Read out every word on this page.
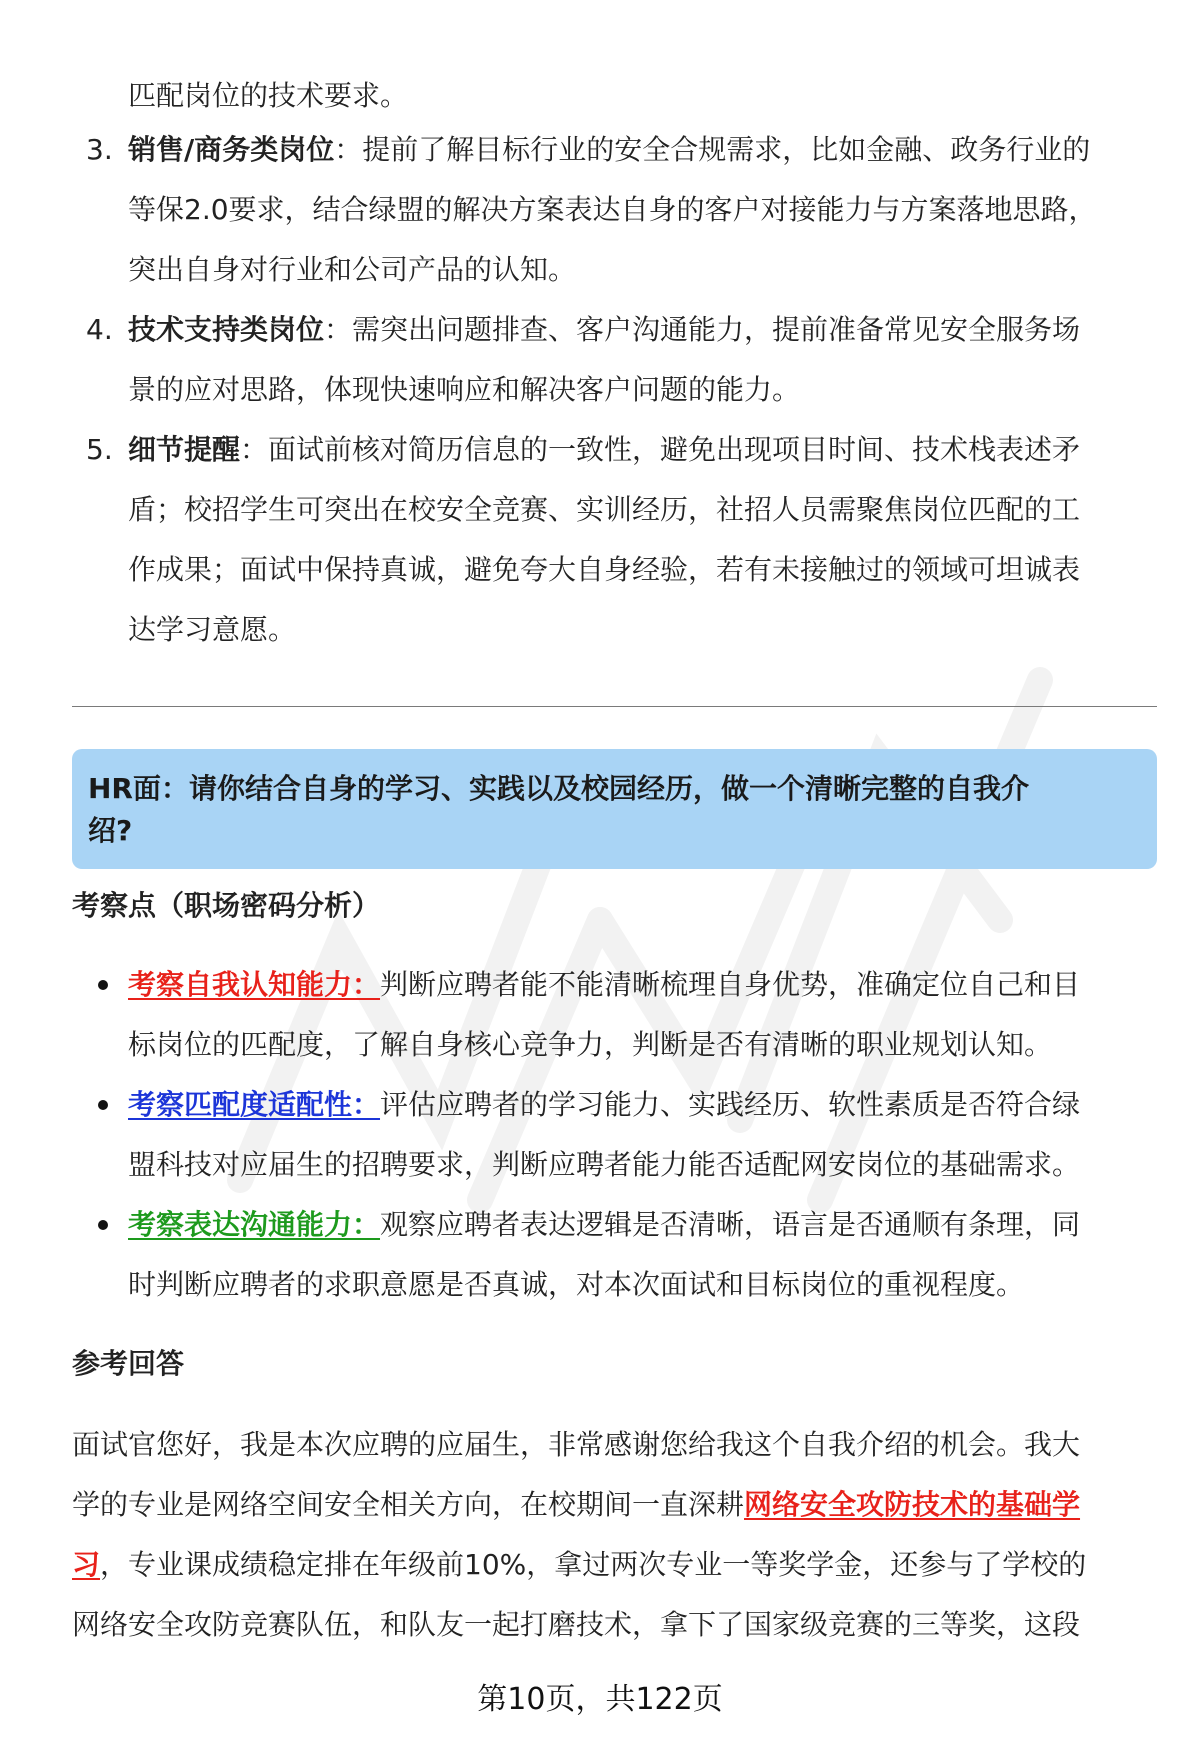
匹配岗位的技术要求。
3. 销售/商务类岗位：提前了解目标行业的安全合规需求，比如金融、政务行业的
等保2.0要求，结合绿盟的解决方案表达自身的客户对接能力与方案落地思路，
突出自身对行业和公司产品的认知。
4. 技术支持类岗位：需突出问题排查、客户沟通能力，提前准备常见安全服务场
景的应对思路，体现快速响应和解决客户问题的能力。
5. 细节提醒：面试前核对简历信息的一致性，避免出现项目时间、技术栈表述矛
盾；校招学生可突出在校安全竞赛、实训经历，社招人员需聚焦岗位匹配的工
作成果；面试中保持真诚，避免夸大自身经验，若有未接触过的领域可坦诚表
达学习意愿。
HR面：请你结合自身的学习、实践以及校园经历，做一个清晰完整的自我介
绍?
考察点（职场密码分析）
考察自我认知能力：判断应聘者能不能清晰梳理自身优势，准确定位自己和目
标岗位的匹配度，了解自身核心竞争力，判断是否有清晰的职业规划认知。
考察匹配度适配性：评估应聘者的学习能力、实践经历、软性素质是否符合绿
盟科技对应届生的招聘要求，判断应聘者能力能否适配网安岗位的基础需求。
考察表达沟通能力：观察应聘者表达逻辑是否清晰，语言是否通顺有条理，同
时判断应聘者的求职意愿是否真诚，对本次面试和目标岗位的重视程度。
参考回答
面试官您好，我是本次应聘的应届生，非常感谢您给我这个自我介绍的机会。我大
学的专业是网络空间安全相关方向，在校期间一直深耕网络安全攻防技术的基础学
习，专业课成绩稳定排在年级前10%，拿过两次专业一等奖学金，还参与了学校的
网络安全攻防竞赛队伍，和队友一起打磨技术，拿下了国家级竞赛的三等奖，这段
第10页，共122页
